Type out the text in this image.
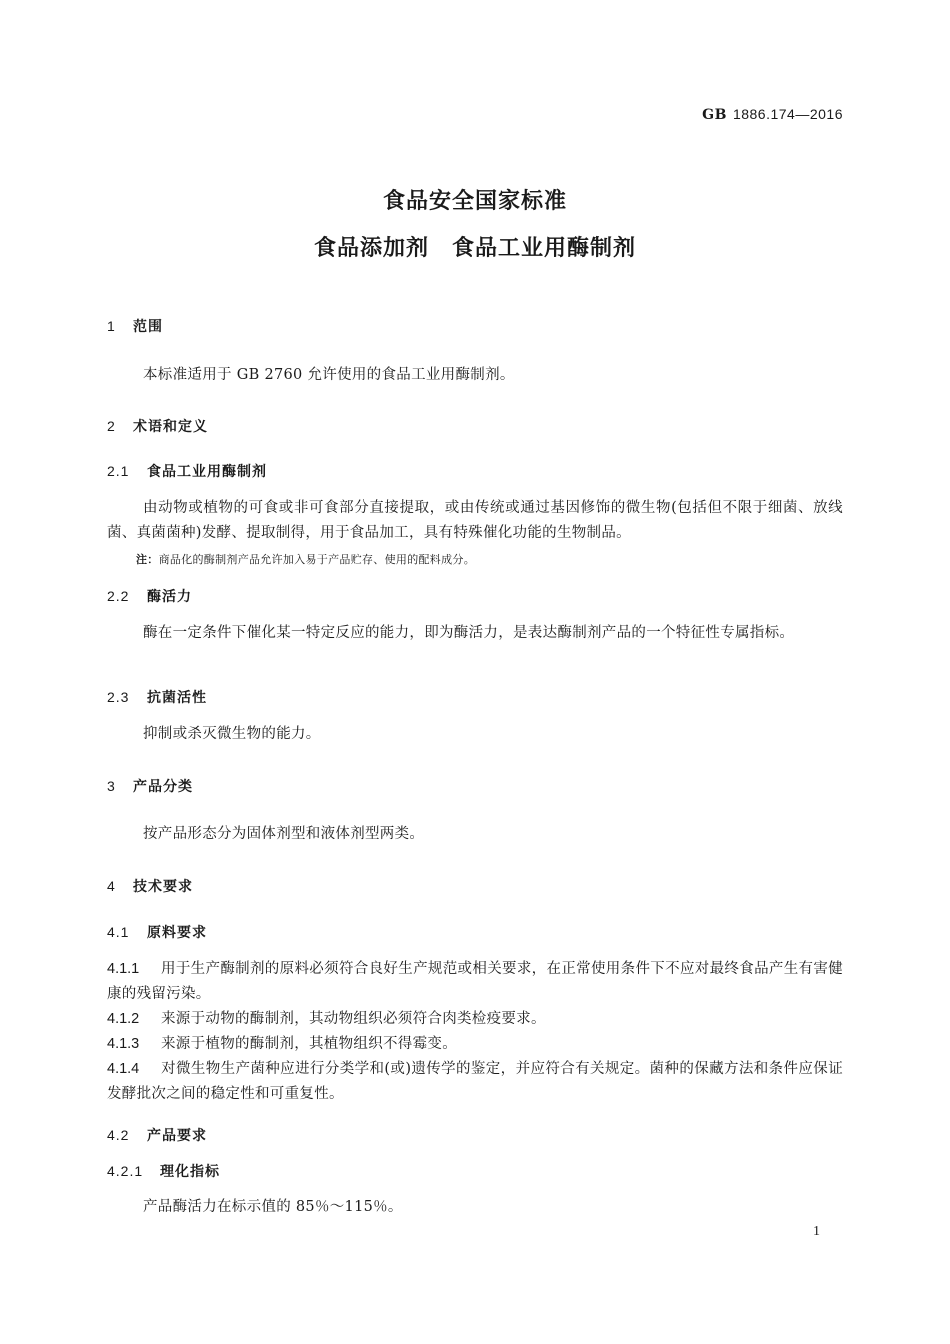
GB 1886.174—2016
食品安全国家标准
食品添加剂　食品工业用酶制剂
1 范围
本标准适用于 GB 2760 允许使用的食品工业用酶制剂。
2 术语和定义
2.1 食品工业用酶制剂
由动物或植物的可食或非可食部分直接提取，或由传统或通过基因修饰的微生物(包括但不限于细菌、放线菌、真菌菌种)发酵、提取制得，用于食品加工，具有特殊催化功能的生物制品。
注：商品化的酶制剂产品允许加入易于产品贮存、使用的配料成分。
2.2 酶活力
酶在一定条件下催化某一特定反应的能力，即为酶活力，是表达酶制剂产品的一个特征性专属指标。
2.3 抗菌活性
抑制或杀灭微生物的能力。
3 产品分类
按产品形态分为固体剂型和液体剂型两类。
4 技术要求
4.1 原料要求
4.1.1 用于生产酶制剂的原料必须符合良好生产规范或相关要求，在正常使用条件下不应对最终食品产生有害健康的残留污染。
4.1.2 来源于动物的酶制剂，其动物组织必须符合肉类检疫要求。
4.1.3 来源于植物的酶制剂，其植物组织不得霉变。
4.1.4 对微生物生产菌种应进行分类学和(或)遗传学的鉴定，并应符合有关规定。菌种的保藏方法和条件应保证发酵批次之间的稳定性和可重复性。
4.2 产品要求
4.2.1 理化指标
产品酶活力在标示值的 85％～115％。
1
